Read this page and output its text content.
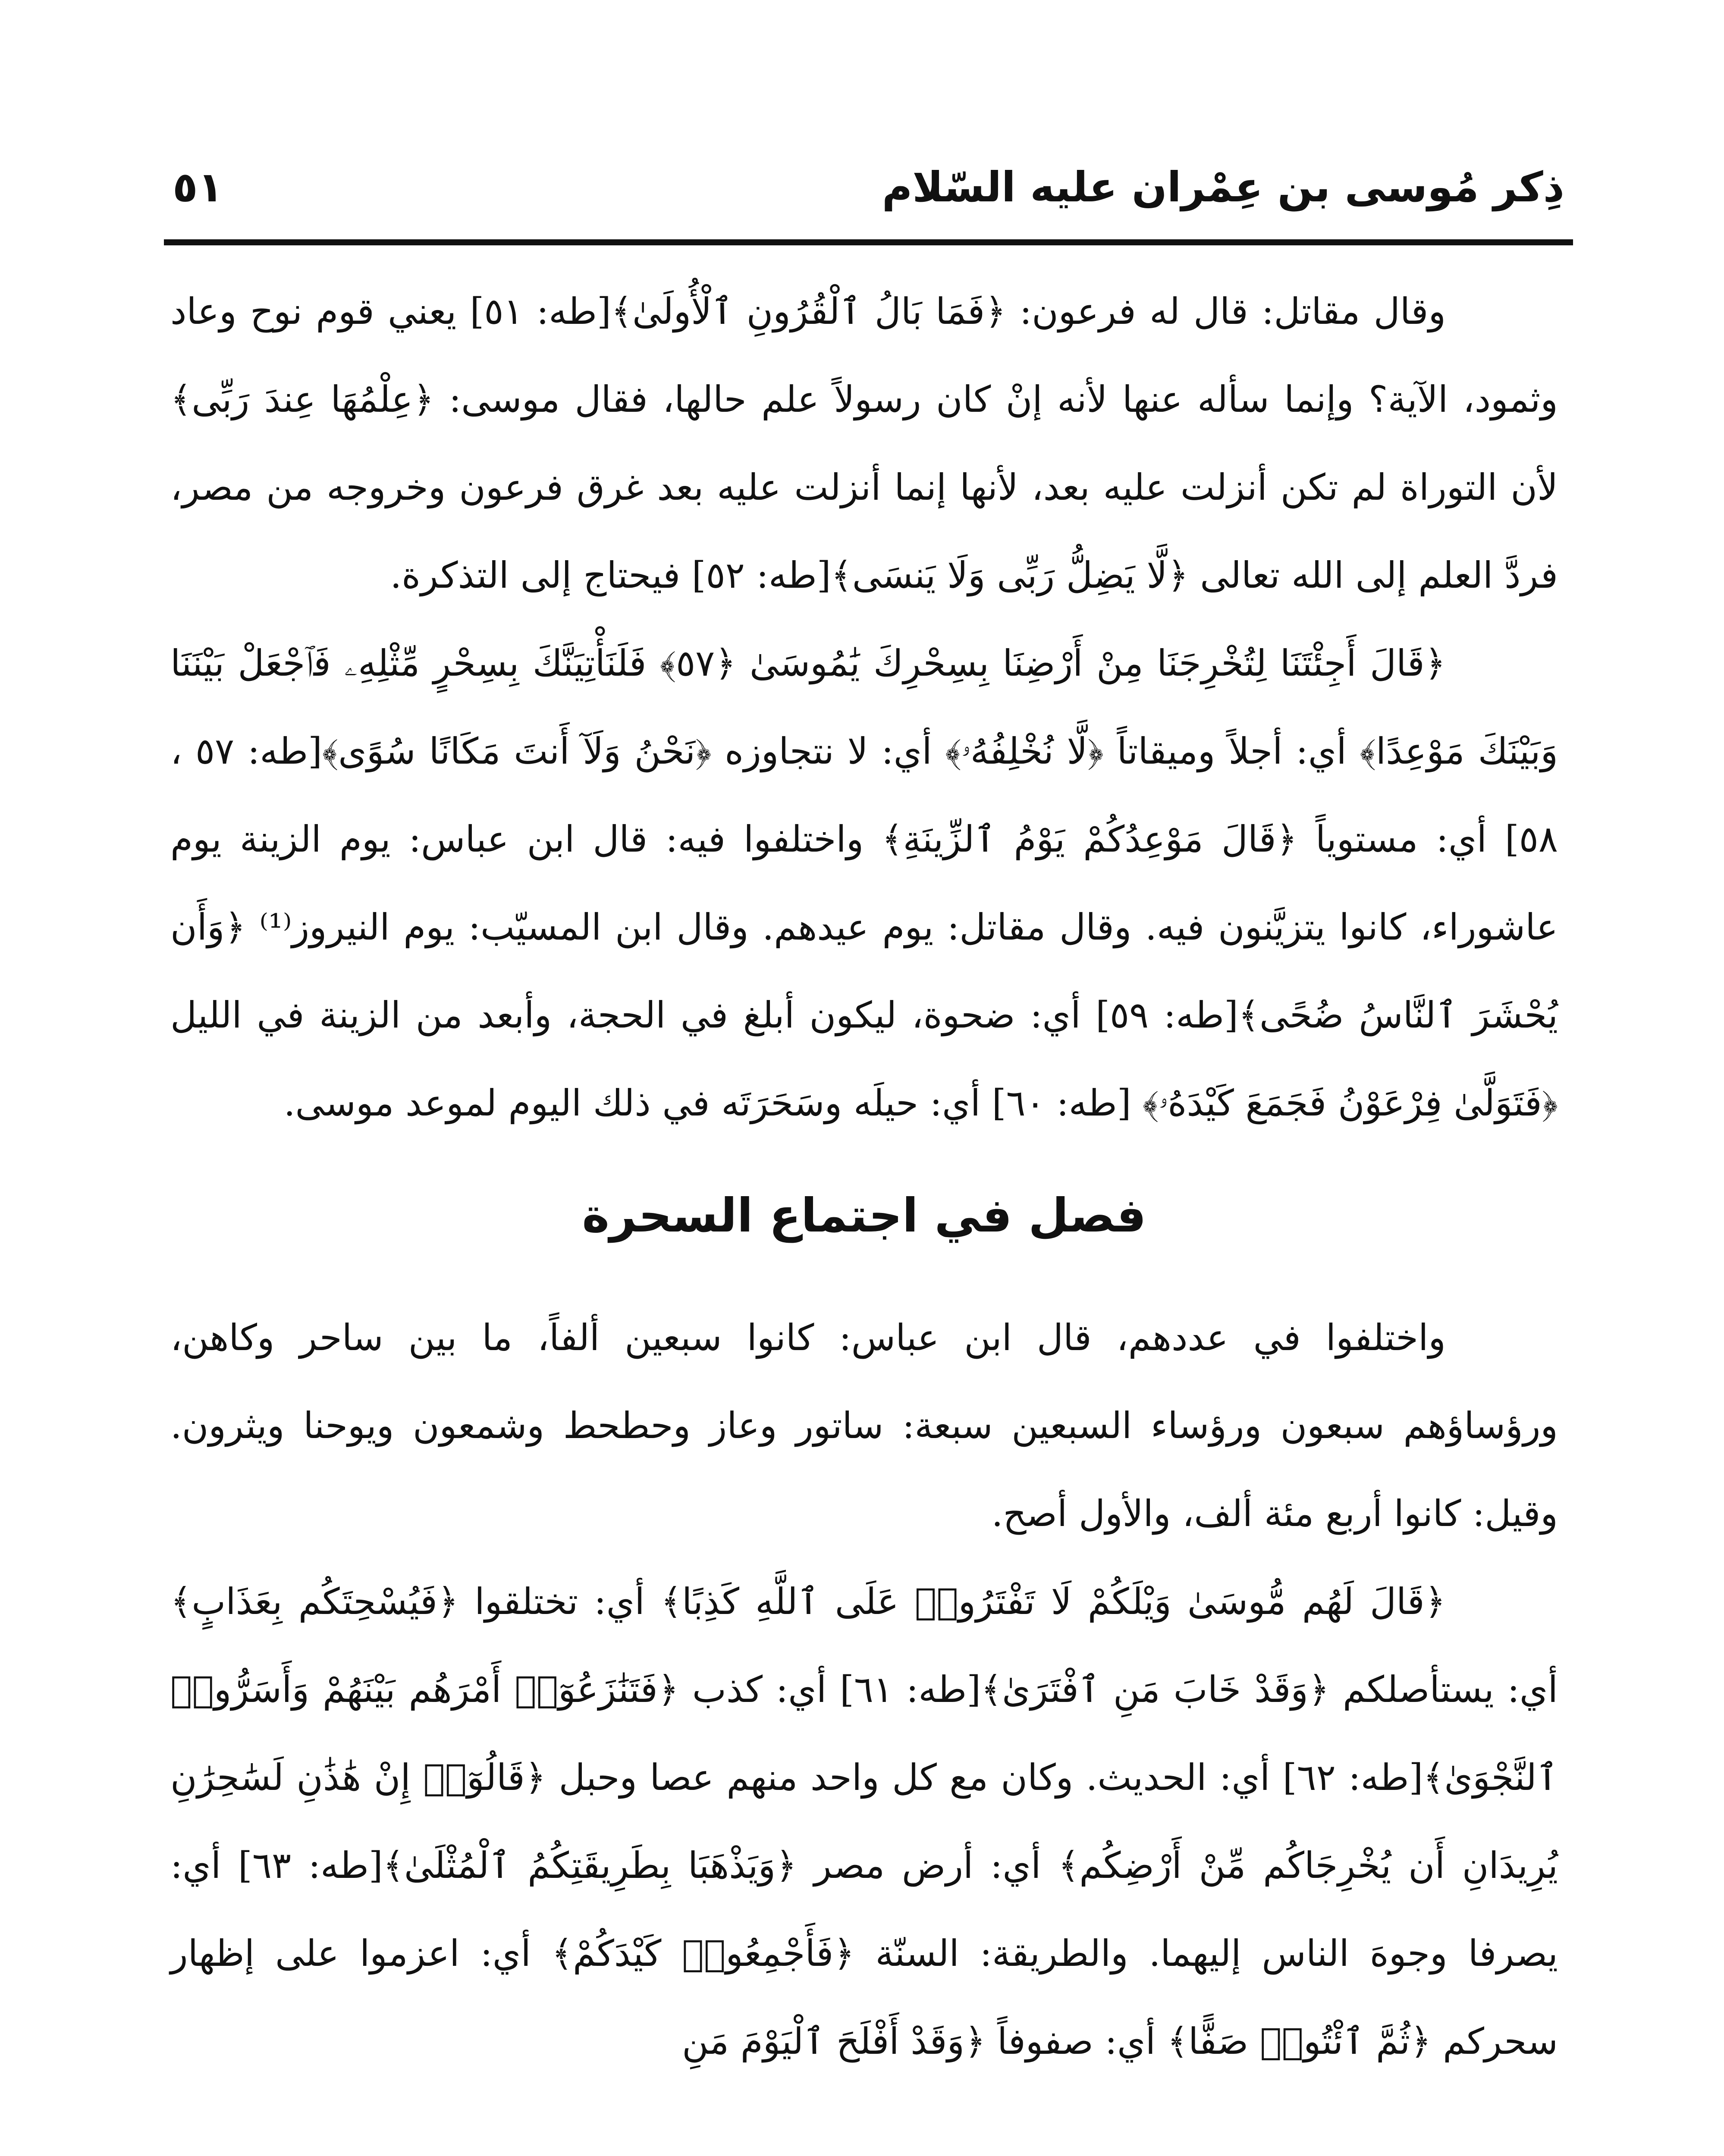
ذِكر مُوسى بن عِمْران عليه السّلام
٥١

وقال مقاتل: قال له فرعون: ﴿فَمَا بَالُ ٱلْقُرُونِ ٱلْأُولَىٰ﴾[طه: ٥١] يعني قوم نوح وعاد وثمود، الآية؟ وإنما سأله عنها لأنه إنْ كان رسولاً علم حالها، فقال موسى: ﴿عِلْمُهَا عِندَ رَبِّى﴾ لأن التوراة لم تكن أنزلت عليه بعد، لأنها إنما أنزلت عليه بعد غرق فرعون وخروجه من مصر، فردَّ العلم إلى الله تعالى ﴿لَّا يَضِلُّ رَبِّى وَلَا يَنسَى﴾[طه: ٥٢] فيحتاج إلى التذكرة.

﴿قَالَ أَجِئْتَنَا لِتُخْرِجَنَا مِنْ أَرْضِنَا بِسِحْرِكَ يَٰمُوسَىٰ ﴿٥٧﴾ فَلَنَأْتِيَنَّكَ بِسِحْرٍ مِّثْلِهِۦ فَٱجْعَلْ بَيْنَنَا وَبَيْنَكَ مَوْعِدًا﴾ أي: أجلاً وميقاتاً ﴿لَّا نُخْلِفُهُۥ﴾ أي: لا نتجاوزه ﴿نَحْنُ وَلَآ أَنتَ مَكَانًا سُوًى﴾[طه: ٥٧ ، ٥٨] أي: مستوياً ﴿قَالَ مَوْعِدُكُمْ يَوْمُ ٱلزِّينَةِ﴾ واختلفوا فيه: قال ابن عباس: يوم الزينة يوم عاشوراء، كانوا يتزيَّنون فيه. وقال مقاتل: يوم عيدهم. وقال ابن المسيّب: يوم النيروز⁽¹⁾ ﴿وَأَن يُحْشَرَ ٱلنَّاسُ ضُحًى﴾[طه: ٥٩] أي: ضحوة، ليكون أبلغ في الحجة، وأبعد من الزينة في الليل ﴿فَتَوَلَّىٰ فِرْعَوْنُ فَجَمَعَ كَيْدَهُۥ﴾ [طه: ٦٠] أي: حيلَه وسَحَرَتَه في ذلك اليوم لموعد موسى.

فصل في اجتماع السحرة

واختلفوا في عددهم، قال ابن عباس: كانوا سبعين ألفاً، ما بين ساحر وكاهن، ورؤساؤهم سبعون ورؤساء السبعين سبعة: ساتور وعاز وحطحط وشمعون ويوحنا ويثرون. وقيل: كانوا أربع مئة ألف، والأول أصح.

﴿قَالَ لَهُم مُّوسَىٰ وَيْلَكُمْ لَا تَفْتَرُوا۟ عَلَى ٱللَّهِ كَذِبًا﴾ أي: تختلقوا ﴿فَيُسْحِتَكُم بِعَذَابٍ﴾ أي: يستأصلكم ﴿وَقَدْ خَابَ مَنِ ٱفْتَرَىٰ﴾[طه: ٦١] أي: كذب ﴿فَتَنَٰزَعُوٓا۟ أَمْرَهُم بَيْنَهُمْ وَأَسَرُّوا۟ ٱلنَّجْوَىٰ﴾[طه: ٦٢] أي: الحديث. وكان مع كل واحد منهم عصا وحبل ﴿قَالُوٓا۟ إِنْ هَٰذَٰنِ لَسَٰحِرَٰنِ يُرِيدَانِ أَن يُخْرِجَاكُم مِّنْ أَرْضِكُم﴾ أي: أرض مصر ﴿وَيَذْهَبَا بِطَرِيقَتِكُمُ ٱلْمُثْلَىٰ﴾[طه: ٦٣] أي: يصرفا وجوهَ الناس إليهما. والطريقة: السنّة ﴿فَأَجْمِعُوا۟ كَيْدَكُمْ﴾ أي: اعزموا على إظهار سحركم ﴿ثُمَّ ٱئْتُوا۟ صَفًّا﴾ أي: صفوفاً ﴿وَقَدْ أَفْلَحَ ٱلْيَوْمَ مَنِ
